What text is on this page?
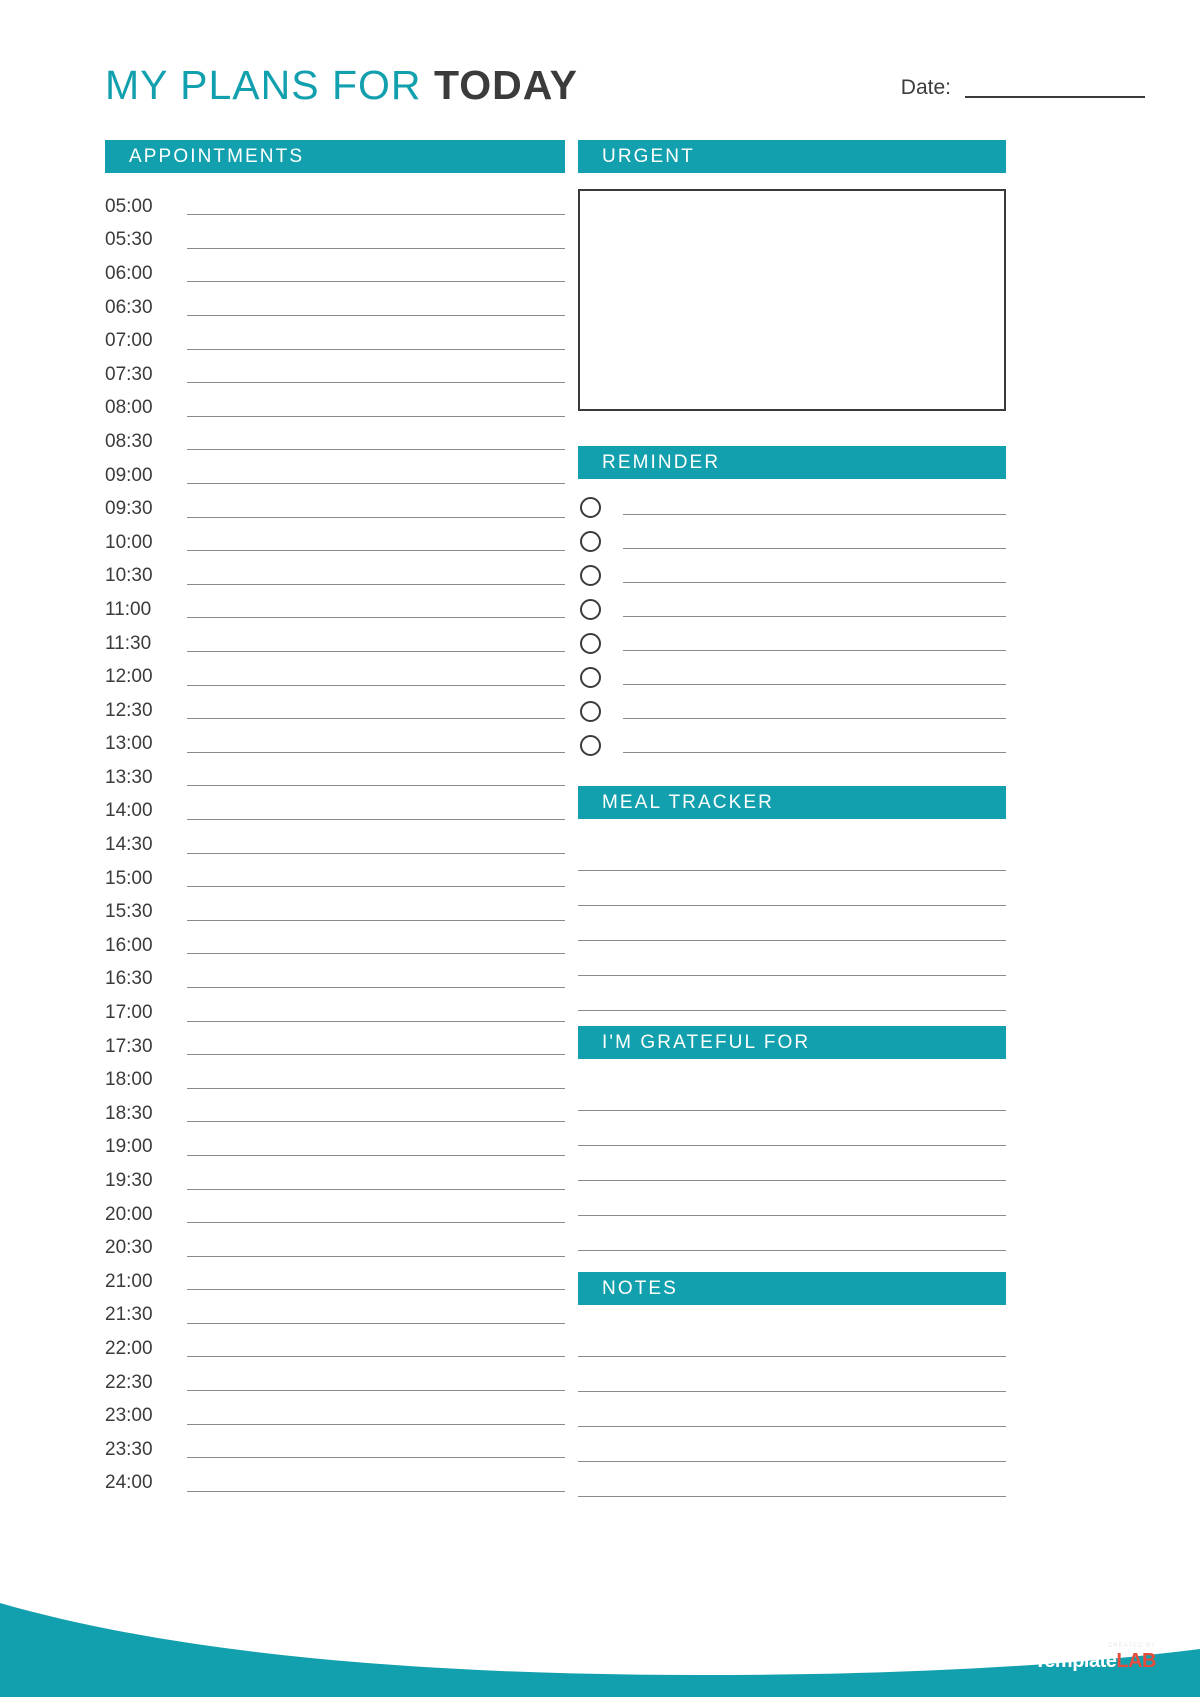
MY PLANS FOR TODAY	Date:
APPOINTMENTS
05:00
05:30
06:00
06:30
07:00
07:30
08:00
08:30
09:00
09:30
10:00
10:30
11:00
11:30
12:00
12:30
13:00
13:30
14:00
14:30
15:00
15:30
16:00
16:30
17:00
17:30
18:00
18:30
19:00
19:30
20:00
20:30
21:00
21:30
22:00
22:30
23:00
23:30
24:00
URGENT
REMINDER
MEAL TRACKER
I'M GRATEFUL FOR
NOTES
CREATED BY
TemplateLAB
